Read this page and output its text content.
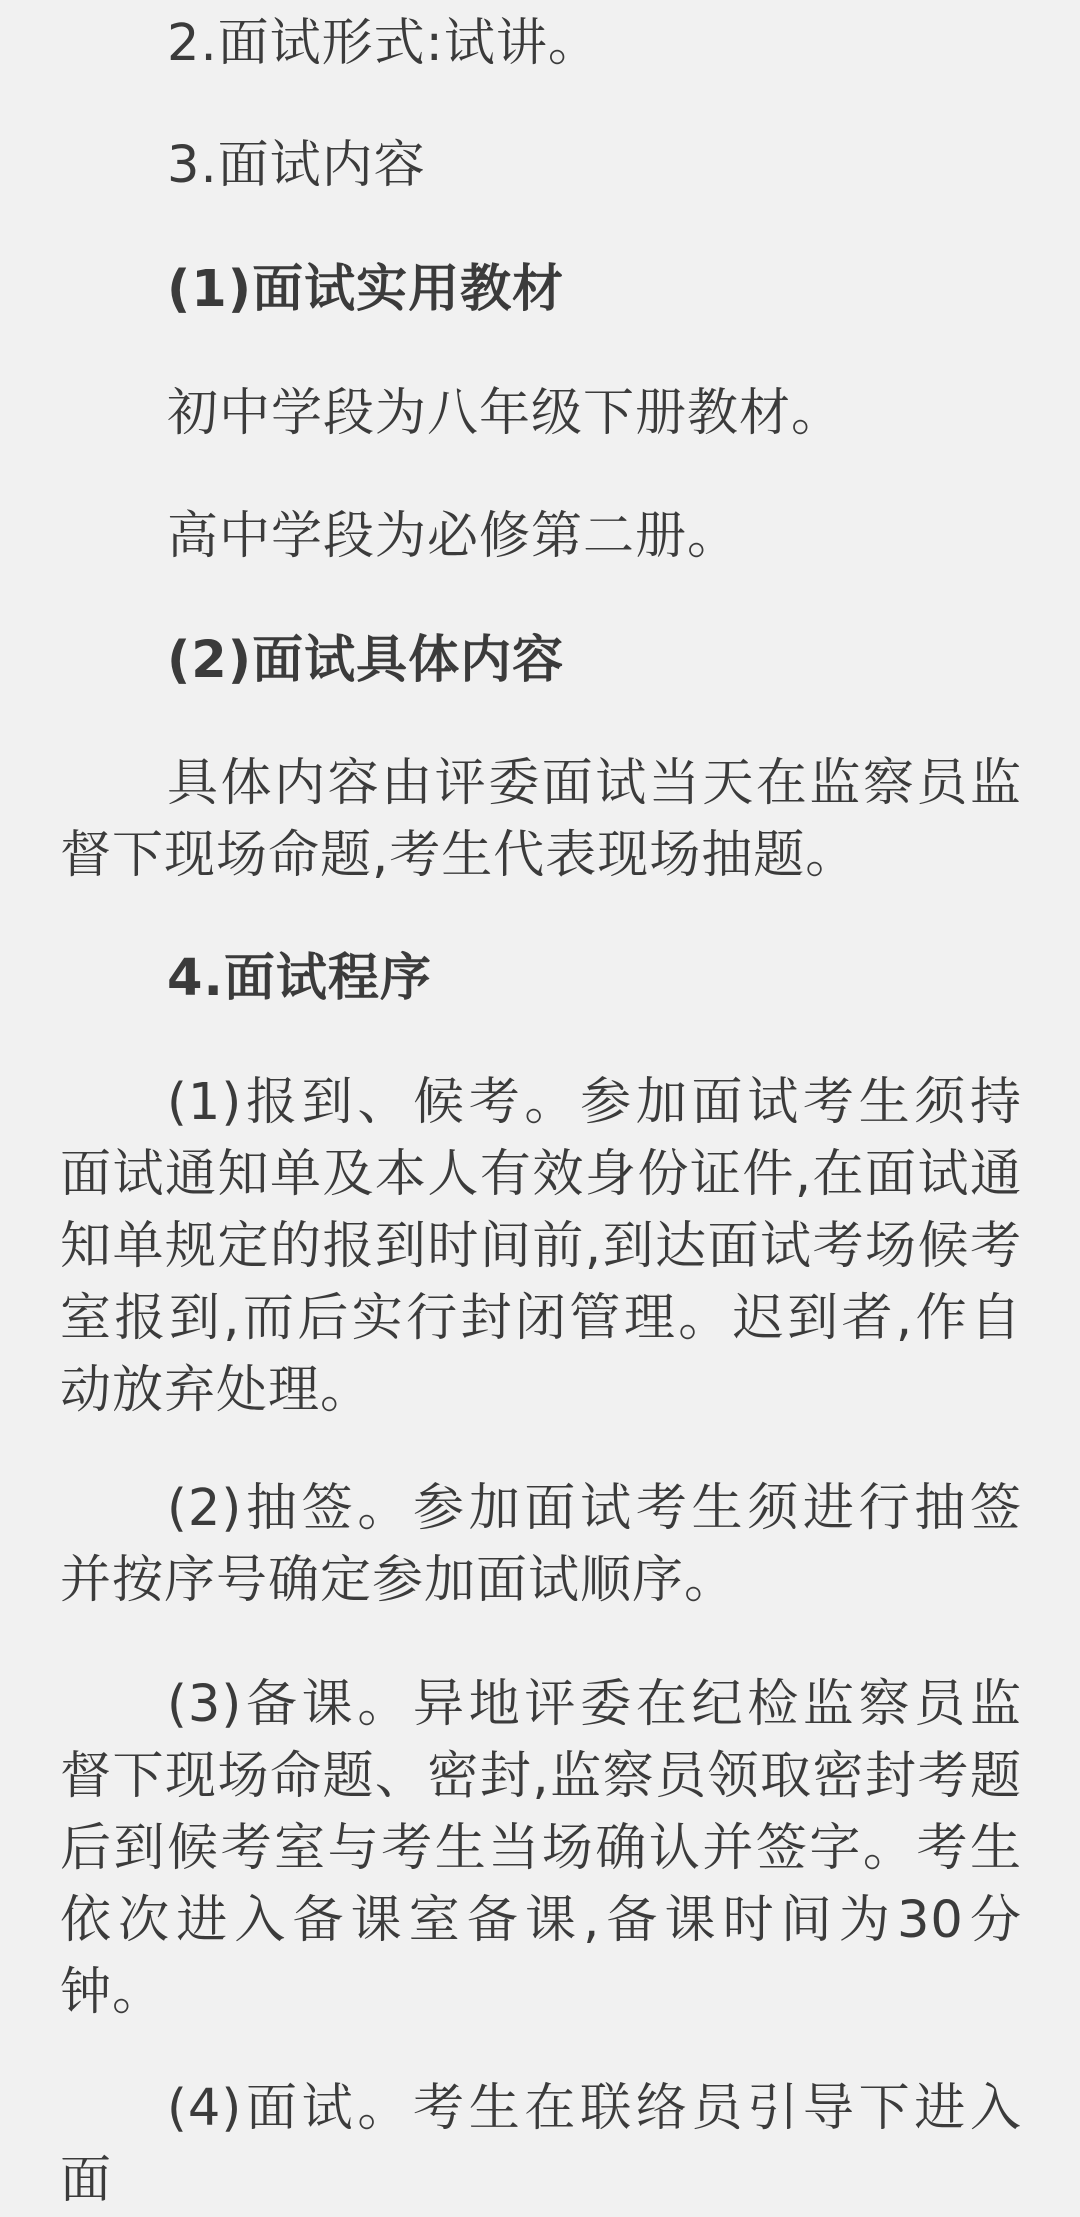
2.面试形式:试讲。

3.面试内容

(1)面试实用教材

初中学段为八年级下册教材。

高中学段为必修第二册。

(2)面试具体内容

具体内容由评委面试当天在监察员监督下现场命题,考生代表现场抽题。

4.面试程序

(1)报到、候考。参加面试考生须持面试通知单及本人有效身份证件,在面试通知单规定的报到时间前,到达面试考场候考室报到,而后实行封闭管理。迟到者,作自动放弃处理。

(2)抽签。参加面试考生须进行抽签并按序号确定参加面试顺序。

(3)备课。异地评委在纪检监察员监督下现场命题、密封,监察员领取密封考题后到候考室与考生当场确认并签字。考生依次进入备课室备课,备课时间为30分钟。

(4)面试。考生在联络员引导下进入面
